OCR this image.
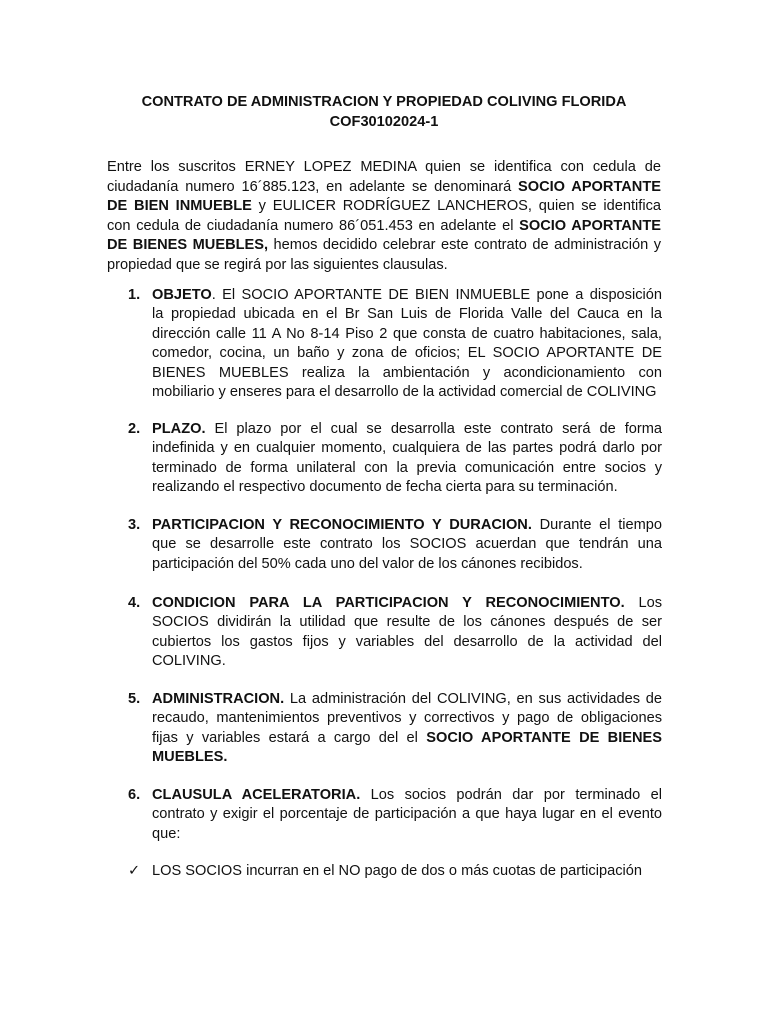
CONTRATO DE ADMINISTRACION Y PROPIEDAD COLIVING FLORIDA
COF30102024-1
Entre los suscritos ERNEY LOPEZ MEDINA quien se identifica con cedula de
ciudadanía numero 16´885.123, en adelante se denominará SOCIO APORTANTE
DE BIEN INMUEBLE y EULICER RODRÍGUEZ LANCHEROS, quien se identifica
con cedula de ciudadanía numero 86´051.453 en adelante el SOCIO APORTANTE
DE BIENES MUEBLES, hemos decidido celebrar este contrato de administración y
propiedad que se regirá por las siguientes clausulas.
1. OBJETO. El SOCIO APORTANTE DE BIEN INMUEBLE pone a disposición
la propiedad ubicada en el Br San Luis de Florida Valle del Cauca en la
dirección calle 11 A No 8-14 Piso 2 que consta de cuatro habitaciones, sala,
comedor, cocina, un baño y zona de oficios; EL SOCIO APORTANTE DE
BIENES MUEBLES realiza la ambientación y acondicionamiento con
mobiliario y enseres para el desarrollo de la actividad comercial de COLIVING
2. PLAZO. El plazo por el cual se desarrolla este contrato será de forma
indefinida y en cualquier momento, cualquiera de las partes podrá darlo por
terminado de forma unilateral con la previa comunicación entre socios y
realizando el respectivo documento de fecha cierta para su terminación.
3. PARTICIPACION Y RECONOCIMIENTO Y DURACION. Durante el tiempo
que se desarrolle este contrato los SOCIOS acuerdan que tendrán una
participación del 50% cada uno del valor de los cánones recibidos.
4. CONDICION PARA LA PARTICIPACION Y RECONOCIMIENTO. Los
SOCIOS dividirán la utilidad que resulte de los cánones después de ser
cubiertos los gastos fijos y variables del desarrollo de la actividad del
COLIVING.
5. ADMINISTRACION. La administración del COLIVING, en sus actividades de
recaudo, mantenimientos preventivos y correctivos y pago de obligaciones
fijas y variables estará a cargo del el SOCIO APORTANTE DE BIENES
MUEBLES.
6. CLAUSULA ACELERATORIA. Los socios podrán dar por terminado el
contrato y exigir el porcentaje de participación a que haya lugar en el evento
que:
✓ LOS SOCIOS incurran en el NO pago de dos o más cuotas de participación
